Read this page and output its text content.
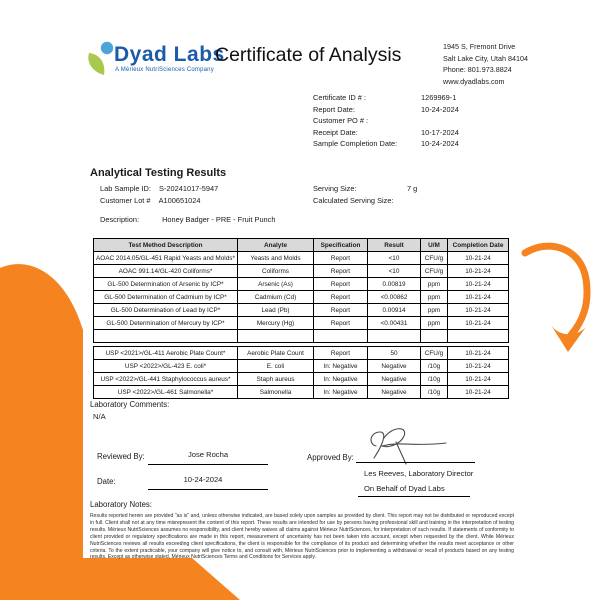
Dyad Labs
A Mérieux NutriSciences Company
Certificate of Analysis	1945 S, Fremont Drive
Salt Lake City, Utah 84104
Phone: 801.973.8824
www.dyadlabs.com
Certificate ID # :	1269969-1
Report Date:	10-24-2024
Customer PO # :
Receipt Date:	10-17-2024
Sample Completion Date:	10-24-2024
Analytical Testing Results
Lab Sample ID: S-20241017-5947
Customer Lot # A100651024
Serving Size:	7 g
Calculated Serving Size:
Description:	Honey Badger - PRE - Fruit Punch
Test Method Description	Analyte	Specification	Result	U/M	Completion Date
AOAC 2014.05/GL-451 Rapid Yeasts and Molds*	Yeasts and Molds	Report	<10	CFU/g	10-21-24
AOAC 991.14/GL-420 Coliforms*	Coliforms	Report	<10	CFU/g	10-21-24
GL-500 Determination of Arsenic by ICP*	Arsenic (As)	Report	0.00819	ppm	10-21-24
GL-500 Determination of Cadmium by ICP*	Cadmium (Cd)	Report	<0.00862	ppm	10-21-24
GL-500 Determination of Lead by ICP*	Lead (Pb)	Report	0.00914	ppm	10-21-24
GL-500 Determination of Mercury by ICP*	Mercury (Hg)	Report	<0.00431	ppm	10-21-24

USP <2021>/GL-411 Aerobic Plate Count*	Aerobic Plate Count	Report	50	CFU/g	10-21-24
USP <2022>/GL-423 E. coli*	E. coli	In: Negative	Negative	/10g	10-21-24
USP <2022>/GL-441 Staphylococcus aureus*	Staph aureus	In: Negative	Negative	/10g	10-21-24
USP <2022>/GL-461 Salmonella*	Salmonella	In: Negative	Negative	/10g	10-21-24
Laboratory Comments:
N/A
Reviewed By:	Jose Rocha
Date:	10-24-2024
Approved By:
Les Reeves, Laboratory Director
On Behalf of Dyad Labs
Laboratory Notes:
Results reported herein are provided "as is" and, unless otherwise indicated, are based solely upon samples as provided by client. This report may not be distributed or reproduced except in full. Client shall not at any time misrepresent the content of this report. These results are intended for use by persons having professional skill and training in the interpretation of testing results. Mérieux NutriSciences assumes no responsibility, and client hereby waives all claims against Mérieux NutriSciences, for interpretation of such results. If statements of conformity to client provided or regulatory specifications are made in this report, measurement of uncertainty has not been taken into account, except when requested by the client. While Mérieux NutriSciences reviews all results exceeding client specifications, the client is responsible for the compliance of its product and determining whether the results meet acceptance or other criteria. To the extent practicable, your company will give notice to, and consult with, Mérieux NutriSciences prior to implementing a withdrawal or recall of products based on any testing results. Except as otherwise stated, Mérieux NutriSciences Terms and Conditions for Services apply.
